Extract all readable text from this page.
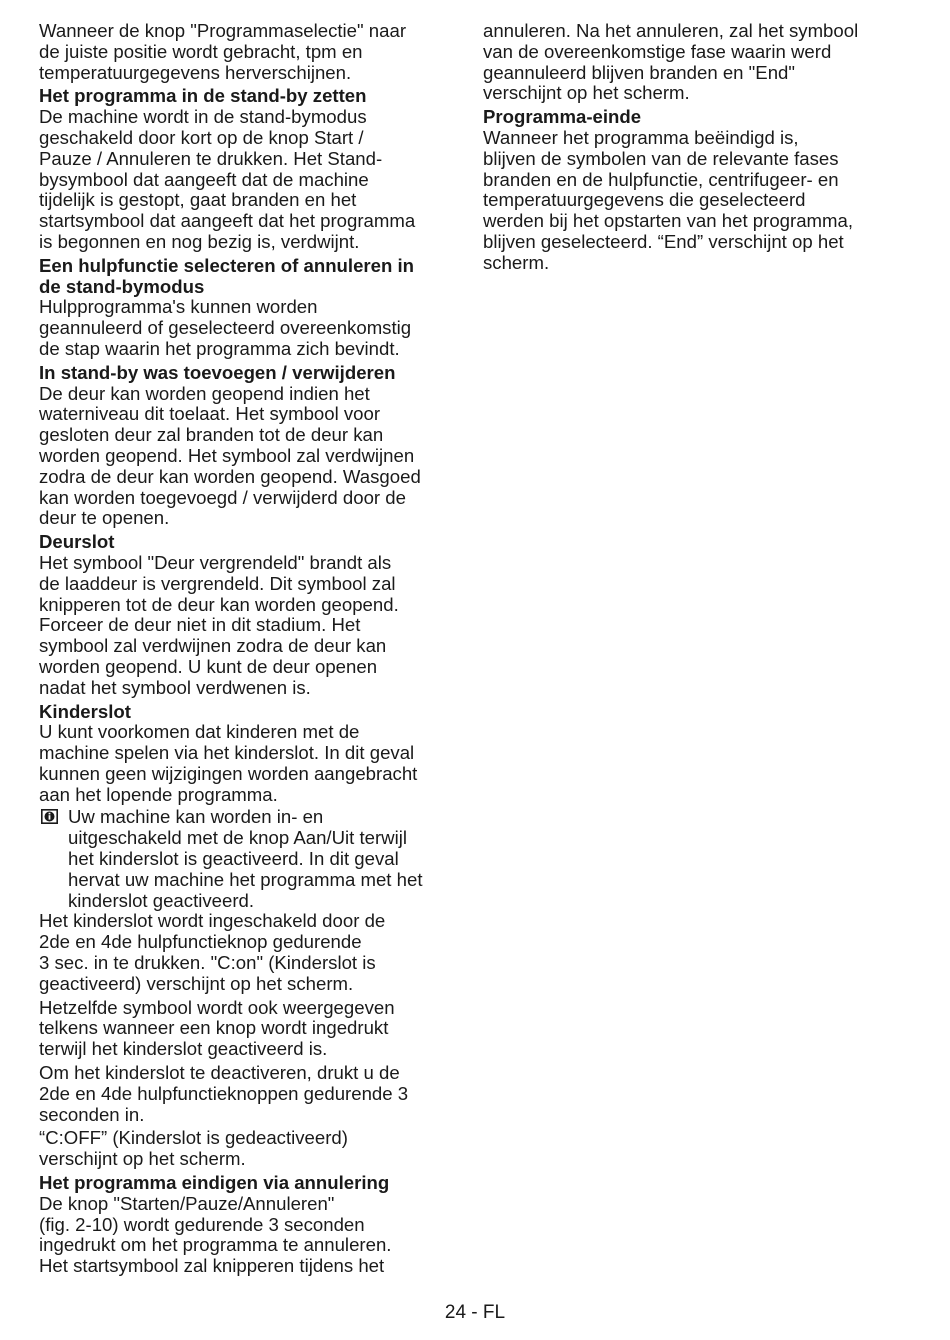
Wanneer de knop "Programmaselectie" naar
de juiste positie wordt gebracht, tpm en
temperatuurgegevens herverschijnen.

Het programma in de stand-by zetten

De machine wordt in de stand-bymodus
geschakeld door kort op de knop Start /
Pauze / Annuleren te drukken. Het Stand-
bysymbool dat aangeeft dat de machine
tijdelijk is gestopt, gaat branden en het
startsymbool dat aangeeft dat het programma
is begonnen en nog bezig is, verdwijnt.

Een hulpfunctie selecteren of annuleren in
de stand-bymodus

Hulpprogramma's kunnen worden
geannuleerd of geselecteerd overeenkomstig
de stap waarin het programma zich bevindt.

In stand-by was toevoegen / verwijderen

De deur kan worden geopend indien het
waterniveau dit toelaat. Het symbool voor
gesloten deur zal branden tot de deur kan
worden geopend. Het symbool zal verdwijnen
zodra de deur kan worden geopend. Wasgoed
kan worden toegevoegd / verwijderd door de
deur te openen.

Deurslot

Het symbool "Deur vergrendeld" brandt als
de laaddeur is vergrendeld. Dit symbool zal
knipperen tot de deur kan worden geopend.
Forceer de deur niet in dit stadium. Het
symbool zal verdwijnen zodra de deur kan
worden geopend. U kunt de deur openen
nadat het symbool verdwenen is.

Kinderslot

U kunt voorkomen dat kinderen met de
machine spelen via het kinderslot. In dit geval
kunnen geen wijzigingen worden aangebracht
aan het lopende programma.

Uw machine kan worden in- en
uitgeschakeld met de knop Aan/Uit terwijl
het kinderslot is geactiveerd. In dit geval
hervat uw machine het programma met het
kinderslot geactiveerd.

Het kinderslot wordt ingeschakeld door de
2de en 4de hulpfunctieknop gedurende
3 sec. in te drukken. "C:on" (Kinderslot is
geactiveerd) verschijnt op het scherm.

Hetzelfde symbool wordt ook weergegeven
telkens wanneer een knop wordt ingedrukt
terwijl het kinderslot geactiveerd is.

Om het kinderslot te deactiveren, drukt u de
2de en 4de hulpfunctieknoppen gedurende 3
seconden in.

“C:OFF” (Kinderslot is gedeactiveerd)
verschijnt op het scherm.

Het programma eindigen via annulering

De knop "Starten/Pauze/Annuleren"
(fig. 2-10) wordt gedurende 3 seconden
ingedrukt om het programma te annuleren.
Het startsymbool zal knipperen tijdens het

annuleren. Na het annuleren, zal het symbool
van de overeenkomstige fase waarin werd
geannuleerd blijven branden en "End"
verschijnt op het scherm.

Programma-einde

Wanneer het programma beëindigd is,
blijven de symbolen van de relevante fases
branden en de hulpfunctie, centrifugeer- en
temperatuurgegevens die geselecteerd
werden bij het opstarten van het programma,
blijven geselecteerd. “End” verschijnt op het
scherm.

24 - FL
